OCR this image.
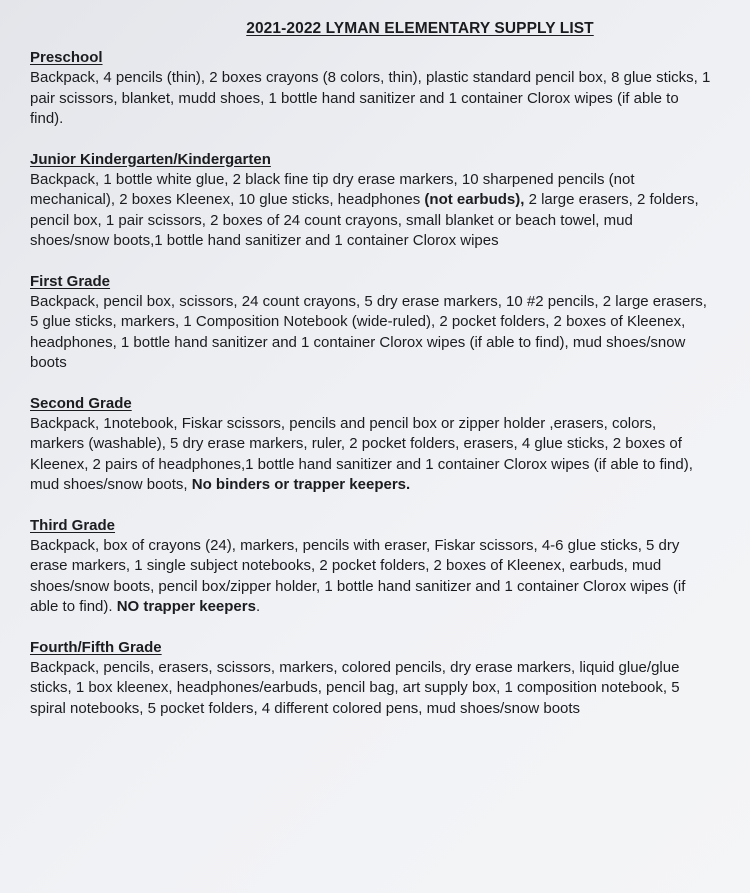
2021-2022 LYMAN ELEMENTARY SUPPLY LIST

Preschool

Backpack, 4 pencils (thin), 2 boxes crayons (8 colors, thin), plastic standard pencil box, 8 glue sticks, 1 pair scissors, blanket, mudd shoes, 1 bottle hand sanitizer and 1 container Clorox wipes (if able to find).

Junior Kindergarten/Kindergarten

Backpack, 1 bottle white glue, 2 black fine tip dry erase markers, 10 sharpened pencils (not mechanical), 2 boxes Kleenex, 10 glue sticks, headphones (not earbuds), 2 large erasers, 2 folders, pencil box, 1 pair scissors, 2 boxes of 24 count crayons, small blanket or beach towel, mud shoes/snow boots,1 bottle hand sanitizer and 1 container Clorox wipes

First Grade

Backpack, pencil box, scissors, 24 count crayons, 5 dry erase markers, 10 #2 pencils, 2 large erasers, 5 glue sticks, markers, 1 Composition Notebook (wide-ruled), 2 pocket folders, 2 boxes of Kleenex, headphones, 1 bottle hand sanitizer and 1 container Clorox wipes (if able to find), mud shoes/snow boots

Second Grade

Backpack, 1notebook, Fiskar scissors, pencils and pencil box or zipper holder ,erasers, colors, markers (washable), 5 dry erase markers, ruler, 2 pocket folders, erasers, 4 glue sticks, 2 boxes of Kleenex, 2 pairs of headphones,1 bottle hand sanitizer and 1 container Clorox wipes (if able to find), mud shoes/snow boots, No binders or trapper keepers.

Third Grade

Backpack, box of crayons (24), markers, pencils with eraser, Fiskar scissors, 4-6 glue sticks, 5 dry erase markers, 1 single subject notebooks, 2 pocket folders, 2 boxes of Kleenex, earbuds, mud shoes/snow boots, pencil box/zipper holder, 1 bottle hand sanitizer and 1 container Clorox wipes (if able to find). NO trapper keepers.

Fourth/Fifth Grade

Backpack, pencils, erasers, scissors, markers, colored pencils, dry erase markers, liquid glue/glue sticks, 1 box kleenex, headphones/earbuds, pencil bag, art supply box, 1 composition notebook, 5 spiral notebooks, 5 pocket folders, 4 different colored pens, mud shoes/snow boots
